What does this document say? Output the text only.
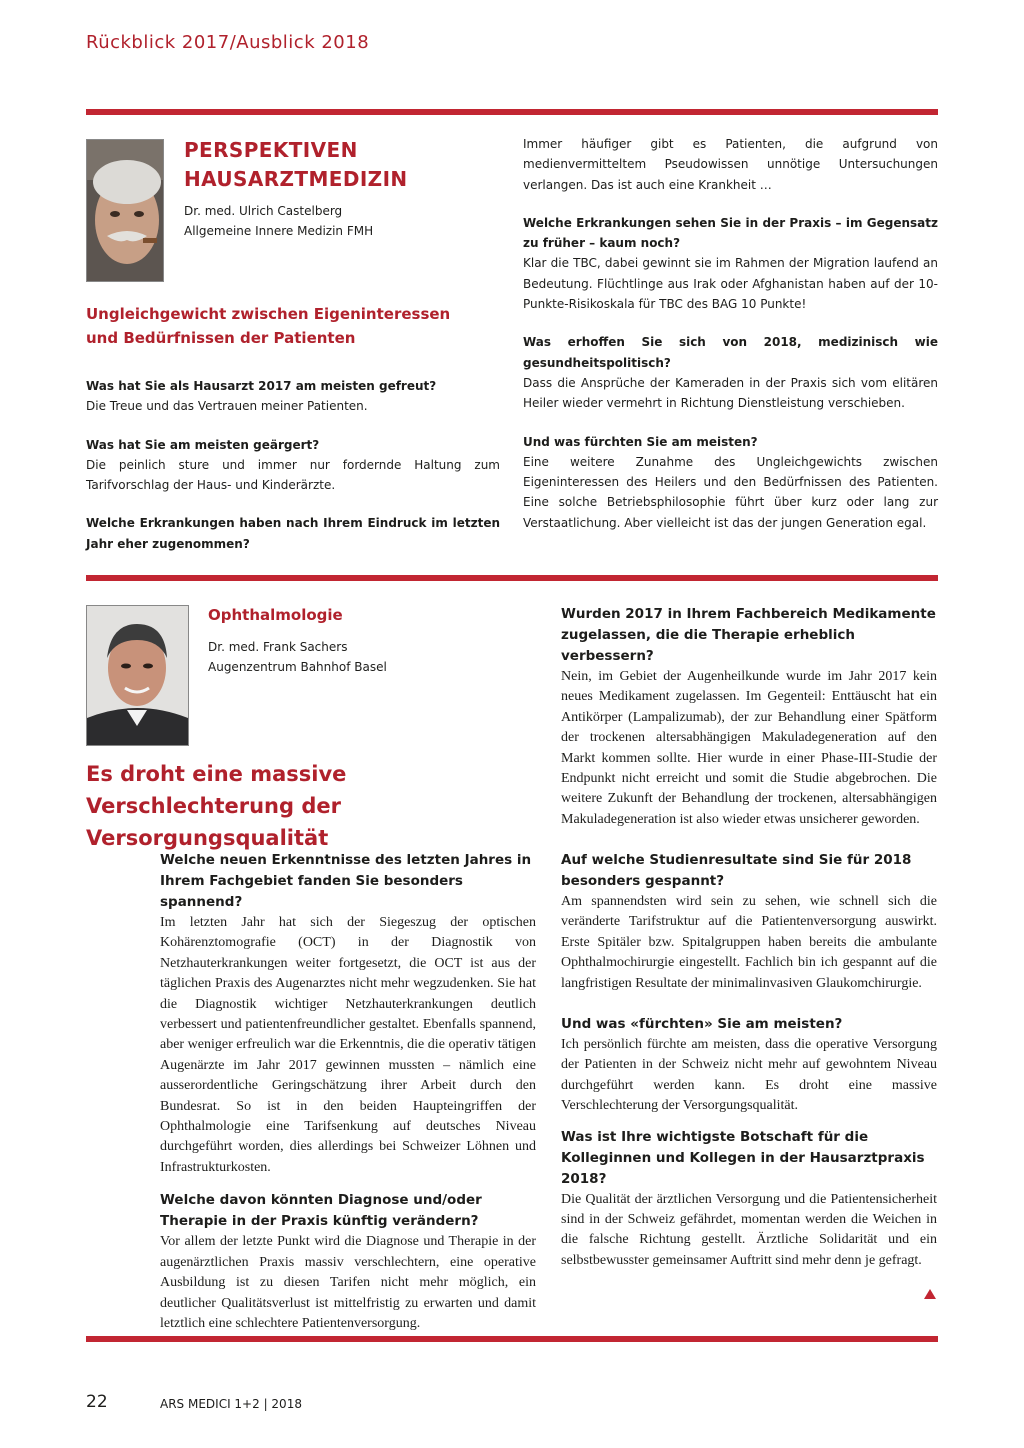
Rückblick 2017/Ausblick 2018
PERSPEKTIVEN HAUSARZTMEDIZIN
Dr. med. Ulrich Castelberg
Allgemeine Innere Medizin FMH
Ungleichgewicht zwischen Eigeninteressen und Bedürfnissen der Patienten
Was hat Sie als Hausarzt 2017 am meisten gefreut?
Die Treue und das Vertrauen meiner Patienten.
Was hat Sie am meisten geärgert?
Die peinlich sture und immer nur fordernde Haltung zum Tarifvorschlag der Haus- und Kinderärzte.
Welche Erkrankungen haben nach Ihrem Eindruck im letzten Jahr eher zugenommen?
Immer häufiger gibt es Patienten, die aufgrund von medienvermitteltem Pseudowissen unnötige Untersuchungen verlangen. Das ist auch eine Krankheit …
Welche Erkrankungen sehen Sie in der Praxis – im Gegensatz zu früher – kaum noch?
Klar die TBC, dabei gewinnt sie im Rahmen der Migration laufend an Bedeutung. Flüchtlinge aus Irak oder Afghanistan haben auf der 10-Punkte-Risikoskala für TBC des BAG 10 Punkte!
Was erhoffen Sie sich von 2018, medizinisch wie gesundheitspolitisch?
Dass die Ansprüche der Kameraden in der Praxis sich vom elitären Heiler wieder vermehrt in Richtung Dienstleistung verschieben.
Und was fürchten Sie am meisten?
Eine weitere Zunahme des Ungleichgewichts zwischen Eigeninteressen des Heilers und den Bedürfnissen des Patienten. Eine solche Betriebsphilosophie führt über kurz oder lang zur Verstaatlichung. Aber vielleicht ist das der jungen Generation egal.
Ophthalmologie
Dr. med. Frank Sachers
Augenzentrum Bahnhof Basel
Es droht eine massive Verschlechterung der Versorgungsqualität
Wurden 2017 in Ihrem Fachbereich Medikamente zugelassen, die die Therapie erheblich verbessern?
Nein, im Gebiet der Augenheilkunde wurde im Jahr 2017 kein neues Medikament zugelassen. Im Gegenteil: Enttäuscht hat ein Antikörper (Lampalizumab), der zur Behandlung einer Spätform der trockenen altersabhängigen Makuladegeneration auf den Markt kommen sollte. Hier wurde in einer Phase-III-Studie der Endpunkt nicht erreicht und somit die Studie abgebrochen. Die weitere Zukunft der Behandlung der trockenen, altersabhängigen Makuladegeneration ist also wieder etwas unsicherer geworden.
Welche neuen Erkenntnisse des letzten Jahres in Ihrem Fachgebiet fanden Sie besonders spannend?
Im letzten Jahr hat sich der Siegeszug der optischen Kohärenztomografie (OCT) in der Diagnostik von Netzhauterkrankungen weiter fortgesetzt, die OCT ist aus der täglichen Praxis des Augenarztes nicht mehr wegzudenken. Sie hat die Diagnostik wichtiger Netzhauterkrankungen deutlich verbessert und patientenfreundlicher gestaltet. Ebenfalls spannend, aber weniger erfreulich war die Erkenntnis, die die operativ tätigen Augenärzte im Jahr 2017 gewinnen mussten – nämlich eine ausserordentliche Geringschätzung ihrer Arbeit durch den Bundesrat. So ist in den beiden Haupteingriffen der Ophthalmologie eine Tarifsenkung auf deutsches Niveau durchgeführt worden, dies allerdings bei Schweizer Löhnen und Infrastrukturkosten.
Welche davon könnten Diagnose und/oder Therapie in der Praxis künftig verändern?
Vor allem der letzte Punkt wird die Diagnose und Therapie in der augenärztlichen Praxis massiv verschlechtern, eine operative Ausbildung ist zu diesen Tarifen nicht mehr möglich, ein deutlicher Qualitätsverlust ist mittelfristig zu erwarten und damit letztlich eine schlechtere Patientenversorgung.
Auf welche Studienresultate sind Sie für 2018 besonders gespannt?
Am spannendsten wird sein zu sehen, wie schnell sich die veränderte Tarifstruktur auf die Patientenversorgung auswirkt. Erste Spitäler bzw. Spitalgruppen haben bereits die ambulante Ophthalmochirurgie eingestellt. Fachlich bin ich gespannt auf die langfristigen Resultate der minimalinvasiven Glaukomchirurgie.
Und was «fürchten» Sie am meisten?
Ich persönlich fürchte am meisten, dass die operative Versorgung der Patienten in der Schweiz nicht mehr auf gewohntem Niveau durchgeführt werden kann. Es droht eine massive Verschlechterung der Versorgungsqualität.
Was ist Ihre wichtigste Botschaft für die Kolleginnen und Kollegen in der Hausarztpraxis 2018?
Die Qualität der ärztlichen Versorgung und die Patientensicherheit sind in der Schweiz gefährdet, momentan werden die Weichen in die falsche Richtung gestellt. Ärztliche Solidarität und ein selbstbewusster gemeinsamer Auftritt sind mehr denn je gefragt.
22	ARS MEDICI 1+2 | 2018
